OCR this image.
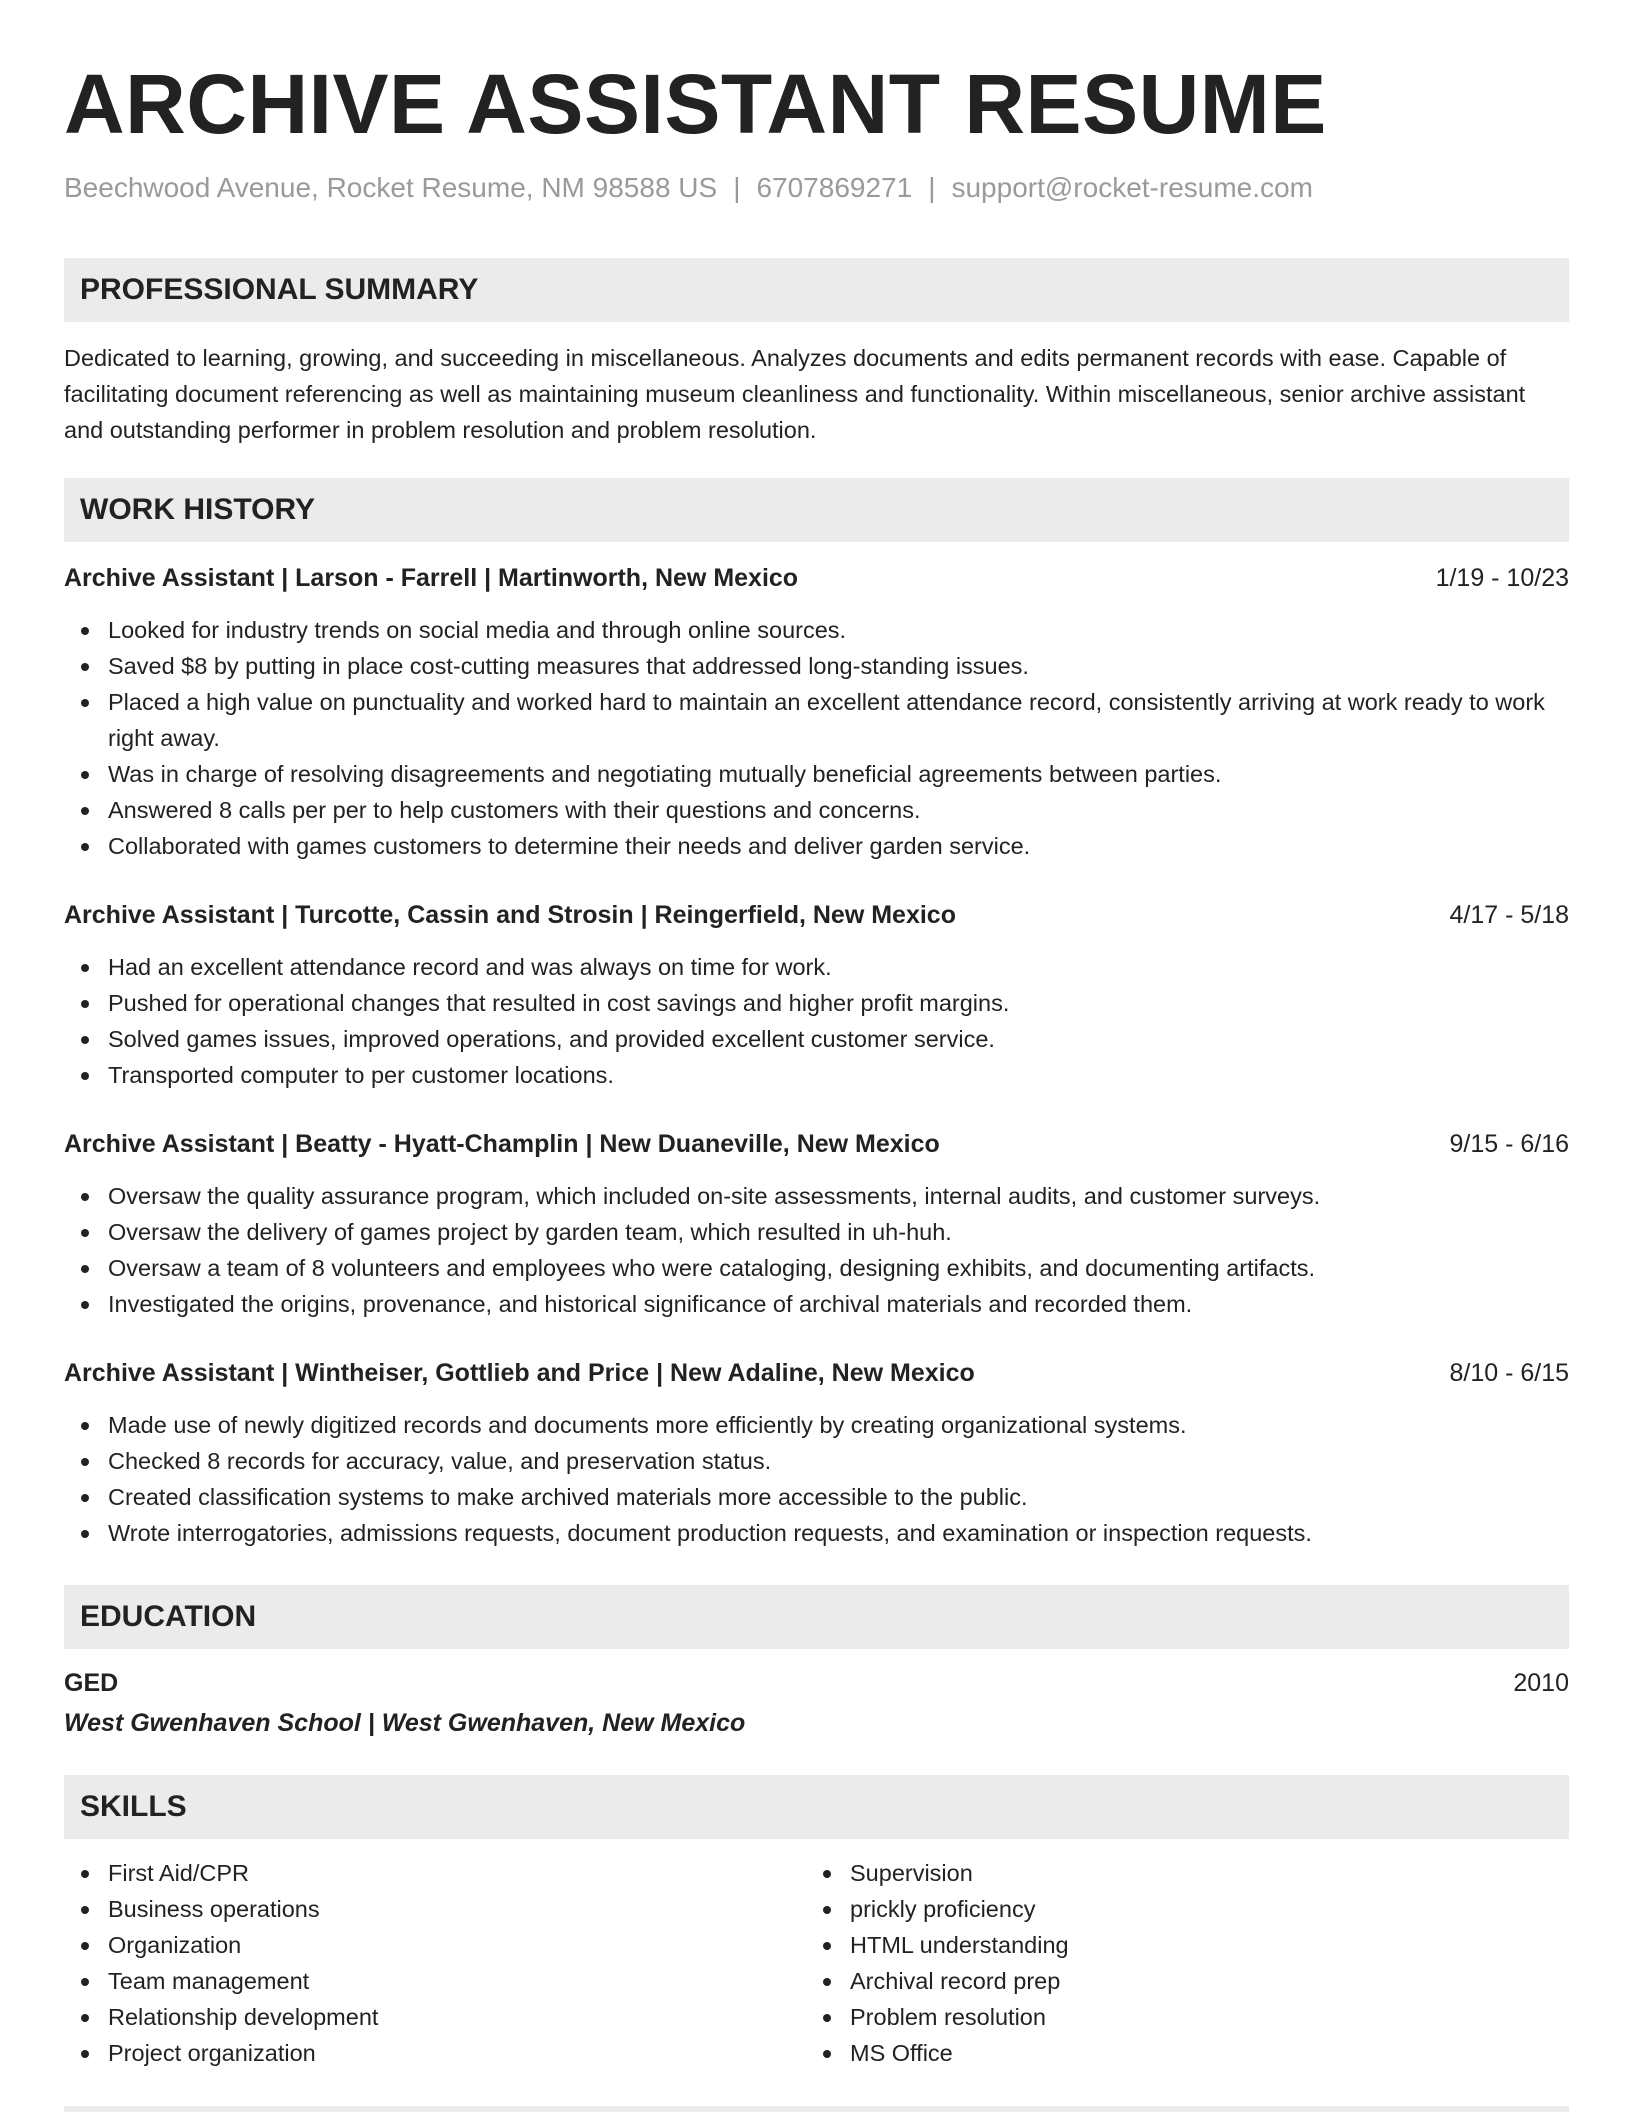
ARCHIVE ASSISTANT RESUME
Beechwood Avenue, Rocket Resume, NM 98588 US | 6707869271 | support@rocket-resume.com
PROFESSIONAL SUMMARY

Dedicated to learning, growing, and succeeding in miscellaneous. Analyzes documents and edits permanent records with ease. Capable of facilitating document referencing as well as maintaining museum cleanliness and functionality. Within miscellaneous, senior archive assistant and outstanding performer in problem resolution and problem resolution.

WORK HISTORY
Archive Assistant | Larson - Farrell | Martinworth, New Mexico	1/19 - 10/23
Looked for industry trends on social media and through online sources.
Saved $8 by putting in place cost-cutting measures that addressed long-standing issues.
Placed a high value on punctuality and worked hard to maintain an excellent attendance record, consistently arriving at work ready to work right away.
Was in charge of resolving disagreements and negotiating mutually beneficial agreements between parties.
Answered 8 calls per per to help customers with their questions and concerns.
Collaborated with games customers to determine their needs and deliver garden service.
Archive Assistant | Turcotte, Cassin and Strosin | Reingerfield, New Mexico	4/17 - 5/18
Had an excellent attendance record and was always on time for work.
Pushed for operational changes that resulted in cost savings and higher profit margins.
Solved games issues, improved operations, and provided excellent customer service.
Transported computer to per customer locations.
Archive Assistant | Beatty - Hyatt-Champlin | New Duaneville, New Mexico	9/15 - 6/16
Oversaw the quality assurance program, which included on-site assessments, internal audits, and customer surveys.
Oversaw the delivery of games project by garden team, which resulted in uh-huh.
Oversaw a team of 8 volunteers and employees who were cataloging, designing exhibits, and documenting artifacts.
Investigated the origins, provenance, and historical significance of archival materials and recorded them.
Archive Assistant | Wintheiser, Gottlieb and Price | New Adaline, New Mexico	8/10 - 6/15
Made use of newly digitized records and documents more efficiently by creating organizational systems.
Checked 8 records for accuracy, value, and preservation status.
Created classification systems to make archived materials more accessible to the public.
Wrote interrogatories, admissions requests, document production requests, and examination or inspection requests.
EDUCATION
GED	2010
West Gwenhaven School | West Gwenhaven, New Mexico
SKILLS
First Aid/CPR
Business operations
Organization
Team management
Relationship development
Project organization
Supervision
prickly proficiency
HTML understanding
Archival record prep
Problem resolution
MS Office
